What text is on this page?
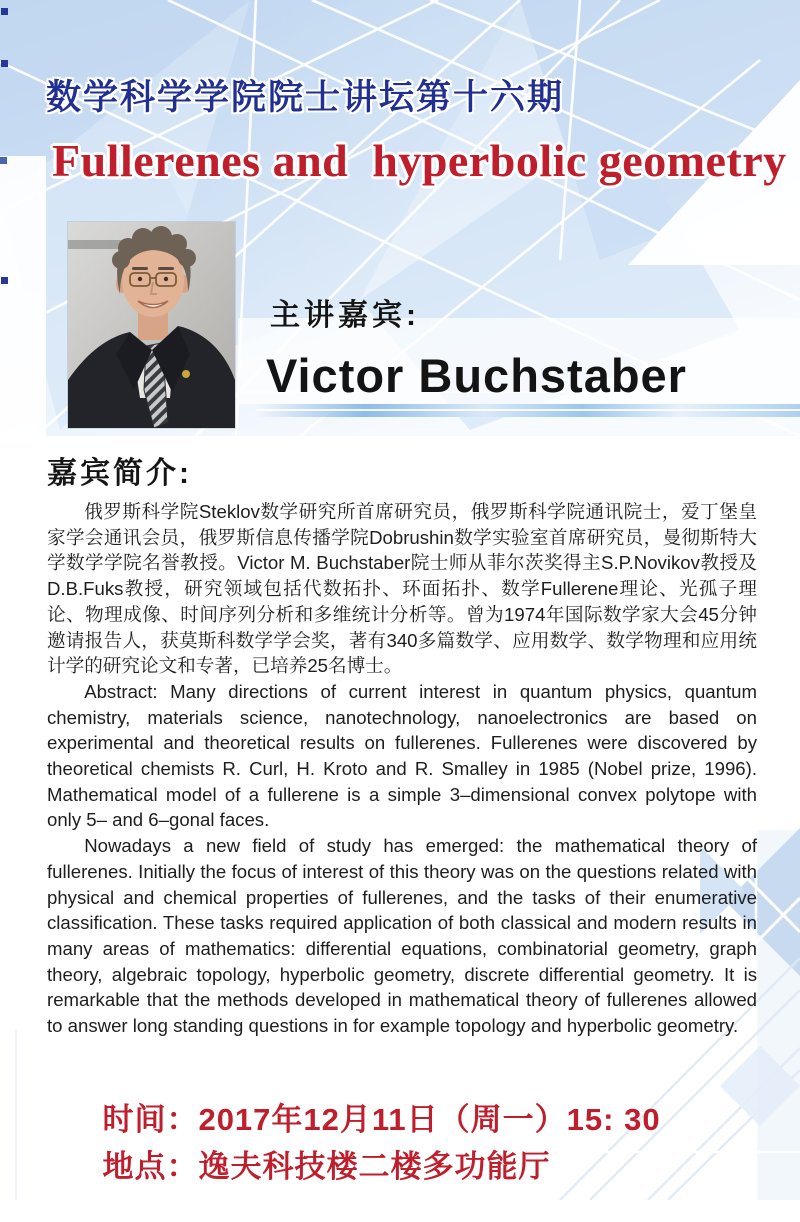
数学科学学院院士讲坛第十六期
Fullerenes and  hyperbolic geometry
主讲嘉宾:
Victor Buchstaber
嘉宾简介:

俄罗斯科学院Steklov数学研究所首席研究员，俄罗斯科学院通讯院士，爱丁堡皇家学会通讯会员，俄罗斯信息传播学院Dobrushin数学实验室首席研究员，曼彻斯特大学数学学院名誉教授。Victor M. Buchstaber院士师从菲尔茨奖得主S.P.Novikov教授及D.B.Fuks教授，研究领域包括代数拓扑、环面拓扑、数学Fullerene理论、光孤子理论、物理成像、时间序列分析和多维统计分析等。曾为1974年国际数学家大会45分钟邀请报告人，获莫斯科数学学会奖，著有340多篇数学、应用数学、数学物理和应用统计学的研究论文和专著，已培养25名博士。

Abstract: Many directions of current interest in quantum physics, quantum chemistry, materials science, nanotechnology, nanoelectronics are based on experimental and theoretical results on fullerenes. Fullerenes were discovered by theoretical chemists R. Curl, H. Kroto and R. Smalley in 1985 (Nobel prize, 1996). Mathematical model of a fullerene is a simple 3–dimensional convex polytope with only 5– and 6–gonal faces.

Nowadays a new field of study has emerged: the mathematical theory of fullerenes. Initially the focus of interest of this theory was on the questions related with physical and chemical properties of fullerenes, and the tasks of their enumerative classification. These tasks required application of both classical and modern results in many areas of mathematics: differential equations, combinatorial geometry, graph theory, algebraic topology, hyperbolic geometry, discrete differential geometry. It is remarkable that the methods developed in mathematical theory of fullerenes allowed to answer long standing questions in for example topology and hyperbolic geometry.

时间：2017年12月11日（周一）15: 30

地点：逸夫科技楼二楼多功能厅
